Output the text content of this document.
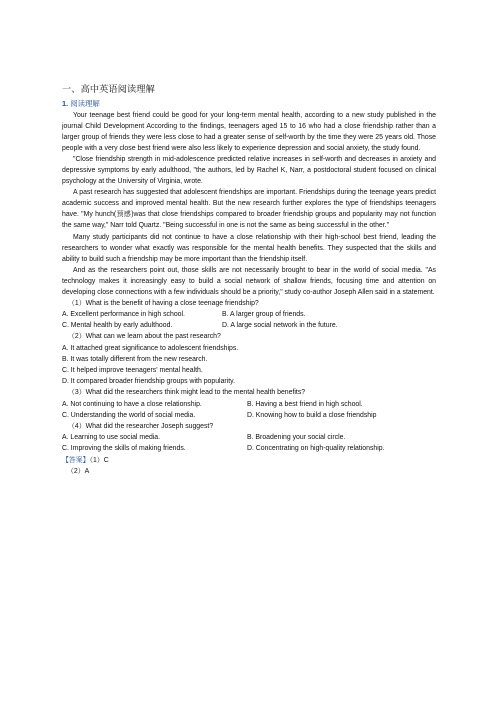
一、高中英语阅读理解
1. 阅读理解

Your teenage best friend could be good for your long-term mental health, according to a new study published in the journal Child Development According to the findings, teenagers aged 15 to 16 who had a close friendship rather than a larger group of friends they were less close to had a greater sense of self-worth by the time they were 25 years old. Those people with a very close best friend were also less likely to experience depression and social anxiety, the study found.

"Close friendship strength in mid-adolescence predicted relative increases in self-worth and decreases in anxiety and depressive symptoms by early adulthood, "the authors, led by Rachel K, Narr, a postdoctoral student focused on clinical psychology at the University of Virginia, wrote.

A past research has suggested that adolescent friendships are important. Friendships during the teenage years predict academic success and improved mental health. But the new research further explores the type of friendships teenagers have. "My hunch(预感)was that close friendships compared to broader friendship groups and popularity may not function the same way," Narr told Quartz. "Being successful in one is not the same as being successful in the other."

Many study participants did not continue to have a close relationship with their high-school best friend, leading the researchers to wonder what exactly was responsible for the mental health benefits. They suspected that the skills and ability to build such a friendship may be more important than the friendship itself.

And as the researchers point out, those skills are not necessarily brought to bear in the world of social media. "As technology makes it increasingly easy to build a social network of shallow friends, focusing time and attention on developing close connections with a few individuals should be a priority," study co-author Joseph Allen said in a statement.

（1）What is the benefit of having a close teenage friendship?

A. Excellent performance in high school.	B. A larger group of friends.
C. Mental health by early adulthood.	D. A large social network in the future.

（2）What can we learn about the past research?

A. It attached great significance to adolescent friendships.

B. It was totally different from the new research.

C. It helped improve teenagers' mental health.

D. It compared broader friendship groups with popularity.

（3）What did the researchers think might lead to the mental health benefits?

A. Not continuing to have a close relationship.	B. Having a best friend in high school.
C. Understanding the world of social media.	D. Knowing how to build a close friendship

（4）What did the researcher Joseph suggest?

A. Learning to use social media.	B. Broadening your social circle.
C. Improving the skills of making friends.	D. Concentrating on high-quality relationship.

【答案】（1）C

（2）A
